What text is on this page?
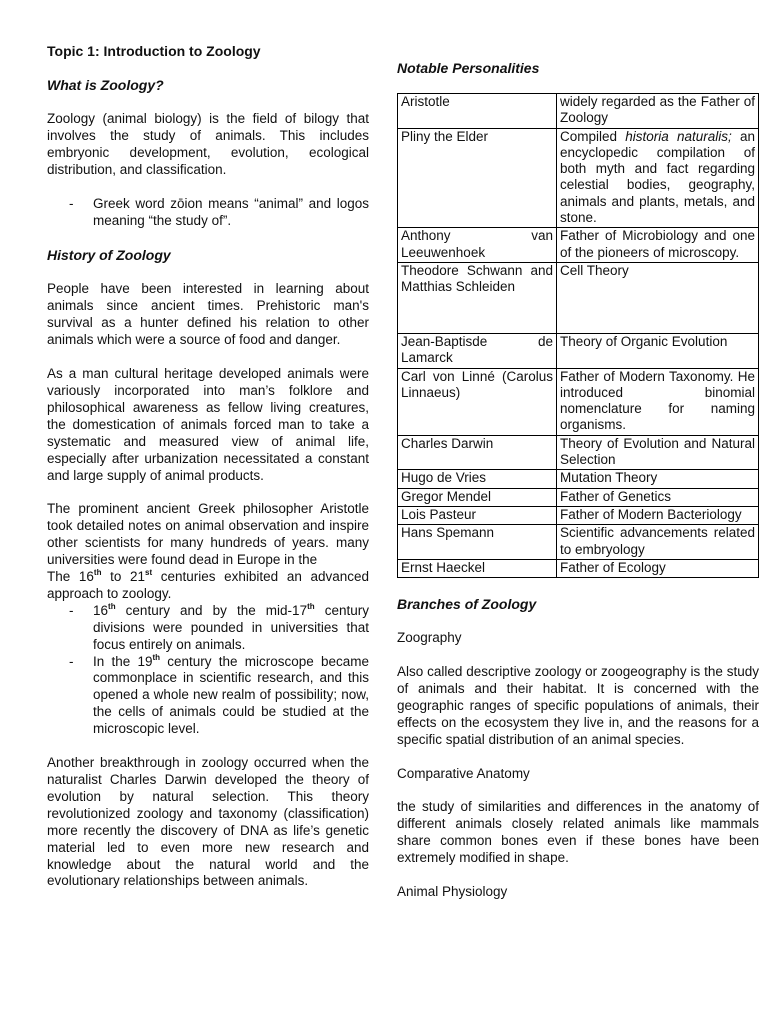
Topic 1: Introduction to Zoology
What is Zoology?

Zoology (animal biology) is the field of bilogy that involves the study of animals. This includes embryonic development, evolution, ecological distribution, and classification.

- Greek word zōion means “animal” and logos meaning “the study of”.
History of Zoology

People have been interested in learning about animals since ancient times. Prehistoric man's survival as a hunter defined his relation to other animals which were a source of food and danger.

As a man cultural heritage developed animals were variously incorporated into man’s folklore and philosophical awareness as fellow living creatures, the domestication of animals forced man to take a systematic and measured view of animal life, especially after urbanization necessitated a constant and large supply of animal products.

The prominent ancient Greek philosopher Aristotle took detailed notes on animal observation and inspire other scientists for many hundreds of years. many universities were found dead in Europe in the

The 16th to 21st centuries exhibited an advanced approach to zoology.

- 16th century and by the mid-17th century divisions were pounded in universities that focus entirely on animals.
- In the 19th century the microscope became commonplace in scientific research, and this opened a whole new realm of possibility; now, the cells of animals could be studied at the microscopic level.

Another breakthrough in zoology occurred when the naturalist Charles Darwin developed the theory of evolution by natural selection. This theory revolutionized zoology and taxonomy (classification) more recently the discovery of DNA as life’s genetic material led to even more new research and knowledge about the natural world and the evolutionary relationships between animals.

Notable Personalities
Aristotle	widely regarded as the Father of Zoology
Pliny the Elder	Compiled historia naturalis; an encyclopedic compilation of both myth and fact regarding celestial bodies, geography, animals and plants, metals, and stone.
Anthony van Leeuwenhoek	Father of Microbiology and one of the pioneers of microscopy.
Theodore Schwann and Matthias Schleiden	Cell Theory
Jean-Baptisde de Lamarck	Theory of Organic Evolution
Carl von Linné (Carolus Linnaeus)	Father of Modern Taxonomy. He introduced binomial nomenclature for naming organisms.
Charles Darwin	Theory of Evolution and Natural Selection
Hugo de Vries	Mutation Theory
Gregor Mendel	Father of Genetics
Lois Pasteur	Father of Modern Bacteriology
Hans Spemann	Scientific advancements related to embryology
Ernst Haeckel	Father of Ecology
Branches of Zoology

Zoography

Also called descriptive zoology or zoogeography is the study of animals and their habitat. It is concerned with the geographic ranges of specific populations of animals, their effects on the ecosystem they live in, and the reasons for a specific spatial distribution of an animal species.

Comparative Anatomy

the study of similarities and differences in the anatomy of different animals closely related animals like mammals share common bones even if these bones have been extremely modified in shape.

Animal Physiology
